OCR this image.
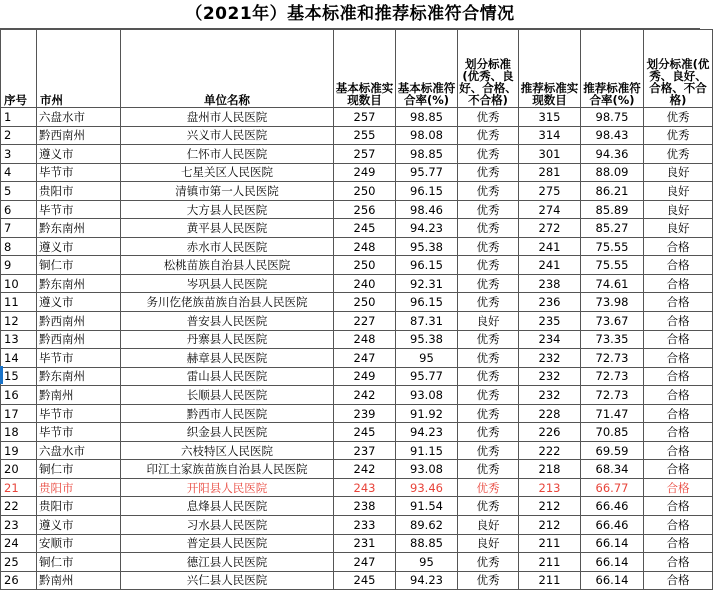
（2021年）基本标准和推荐标准符合情况
序号	市州	单位名称	基本标准实现数目	基本标准符合率(%)	划分标准(优秀、良好、合格、不合格)	推荐标准实现数目	推荐标准符合率(%)	划分标准(优秀、良好、合格、不合格)
1	六盘水市	盘州市人民医院	257	98.85	优秀	315	98.75	优秀
2	黔西南州	兴义市人民医院	255	98.08	优秀	314	98.43	优秀
3	遵义市	仁怀市人民医院	257	98.85	优秀	301	94.36	优秀
4	毕节市	七星关区人民医院	249	95.77	优秀	281	88.09	良好
5	贵阳市	清镇市第一人民医院	250	96.15	优秀	275	86.21	良好
6	毕节市	大方县人民医院	256	98.46	优秀	274	85.89	良好
7	黔东南州	黄平县人民医院	245	94.23	优秀	272	85.27	良好
8	遵义市	赤水市人民医院	248	95.38	优秀	241	75.55	合格
9	铜仁市	松桃苗族自治县人民医院	250	96.15	优秀	241	75.55	合格
10	黔东南州	岑巩县人民医院	240	92.31	优秀	238	74.61	合格
11	遵义市	务川仡佬族苗族自治县人民医院	250	96.15	优秀	236	73.98	合格
12	黔西南州	普安县人民医院	227	87.31	良好	235	73.67	合格
13	黔西南州	丹寨县人民医院	248	95.38	优秀	234	73.35	合格
14	毕节市	赫章县人民医院	247	95	优秀	232	72.73	合格
15	黔东南州	雷山县人民医院	249	95.77	优秀	232	72.73	合格
16	黔南州	长顺县人民医院	242	93.08	优秀	232	72.73	合格
17	毕节市	黔西市人民医院	239	91.92	优秀	228	71.47	合格
18	毕节市	织金县人民医院	245	94.23	优秀	226	70.85	合格
19	六盘水市	六枝特区人民医院	237	91.15	优秀	222	69.59	合格
20	铜仁市	印江土家族苗族自治县人民医院	242	93.08	优秀	218	68.34	合格
21	贵阳市	开阳县人民医院	243	93.46	优秀	213	66.77	合格
22	贵阳市	息烽县人民医院	238	91.54	优秀	212	66.46	合格
23	遵义市	习水县人民医院	233	89.62	良好	212	66.46	合格
24	安顺市	普定县人民医院	231	88.85	良好	211	66.14	合格
25	铜仁市	德江县人民医院	247	95	优秀	211	66.14	合格
26	黔南州	兴仁县人民医院	245	94.23	优秀	211	66.14	合格
